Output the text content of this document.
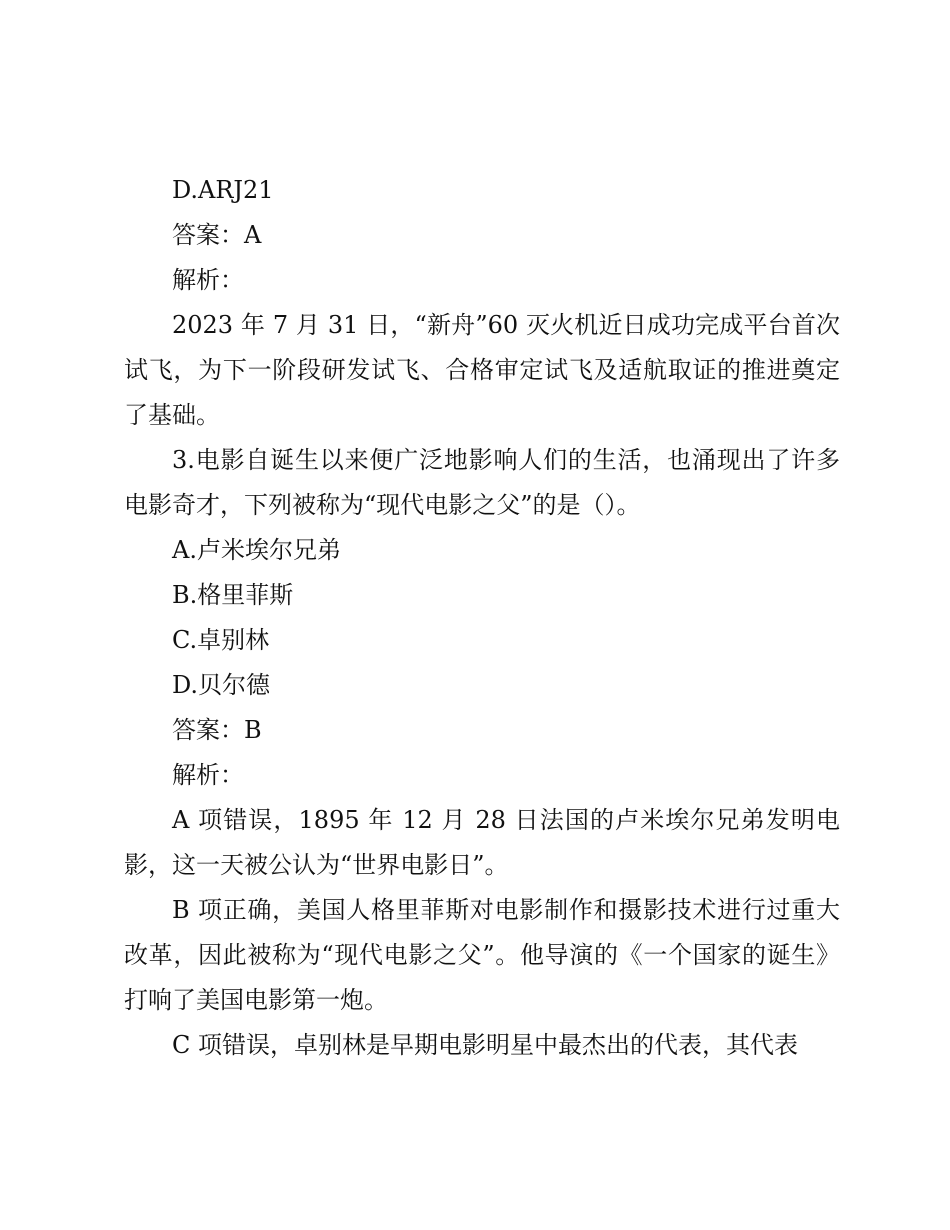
D.ARJ21

答案：A

解析：

2023 年 7 月 31 日，“新舟”60 灭火机近日成功完成平台首次试飞，为下一阶段研发试飞、合格审定试飞及适航取证的推进奠定了基础。

3.电影自诞生以来便广泛地影响人们的生活，也涌现出了许多电影奇才，下列被称为“现代电影之父”的是（）。

A.卢米埃尔兄弟

B.格里菲斯

C.卓别林

D.贝尔德

答案：B

解析：

A 项错误，1895 年 12 月 28 日法国的卢米埃尔兄弟发明电影，这一天被公认为“世界电影日”。

B 项正确，美国人格里菲斯对电影制作和摄影技术进行过重大改革，因此被称为“现代电影之父”。他导演的《一个国家的诞生》打响了美国电影第一炮。

C 项错误，卓别林是早期电影明星中最杰出的代表，其代表
